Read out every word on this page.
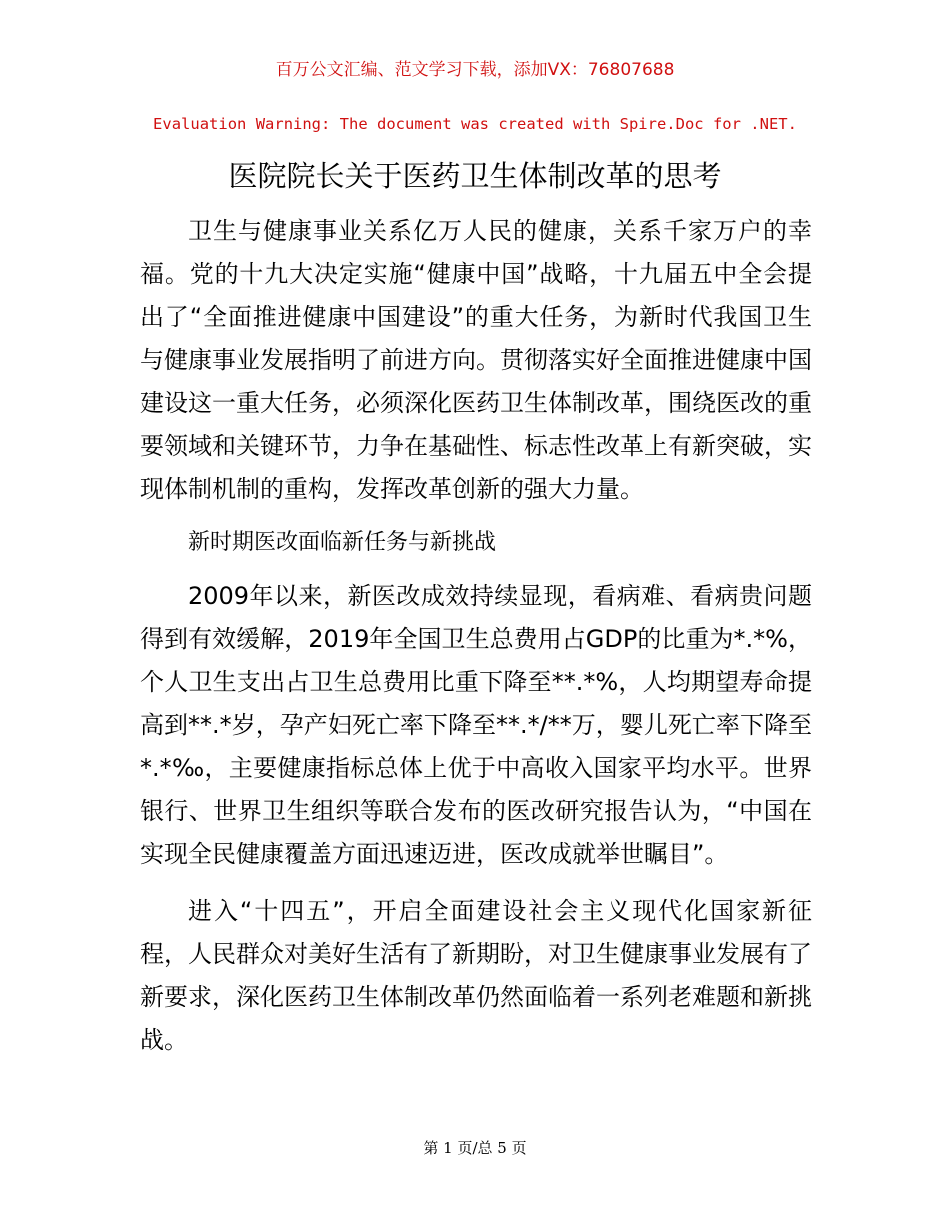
百万公文汇编、范文学习下载，添加VX：76807688
Evaluation Warning: The document was created with Spire.Doc for .NET.
医院院长关于医药卫生体制改革的思考

卫生与健康事业关系亿万人民的健康，关系千家万户的幸福。党的十九大决定实施“健康中国”战略，十九届五中全会提出了“全面推进健康中国建设”的重大任务，为新时代我国卫生与健康事业发展指明了前进方向。贯彻落实好全面推进健康中国建设这一重大任务，必须深化医药卫生体制改革，围绕医改的重要领域和关键环节，力争在基础性、标志性改革上有新突破，实现体制机制的重构，发挥改革创新的强大力量。

新时期医改面临新任务与新挑战

2009年以来，新医改成效持续显现，看病难、看病贵问题得到有效缓解，2019年全国卫生总费用占GDP的比重为*.*%，个人卫生支出占卫生总费用比重下降至**.*%，人均期望寿命提高到**.*岁，孕产妇死亡率下降至**.*/**万，婴儿死亡率下降至*.*‰，主要健康指标总体上优于中高收入国家平均水平。世界银行、世界卫生组织等联合发布的医改研究报告认为，“中国在实现全民健康覆盖方面迅速迈进，医改成就举世瞩目”。

进入“十四五”，开启全面建设社会主义现代化国家新征程，人民群众对美好生活有了新期盼，对卫生健康事业发展有了新要求，深化医药卫生体制改革仍然面临着一系列老难题和新挑战。

第 1 页/总 5 页
